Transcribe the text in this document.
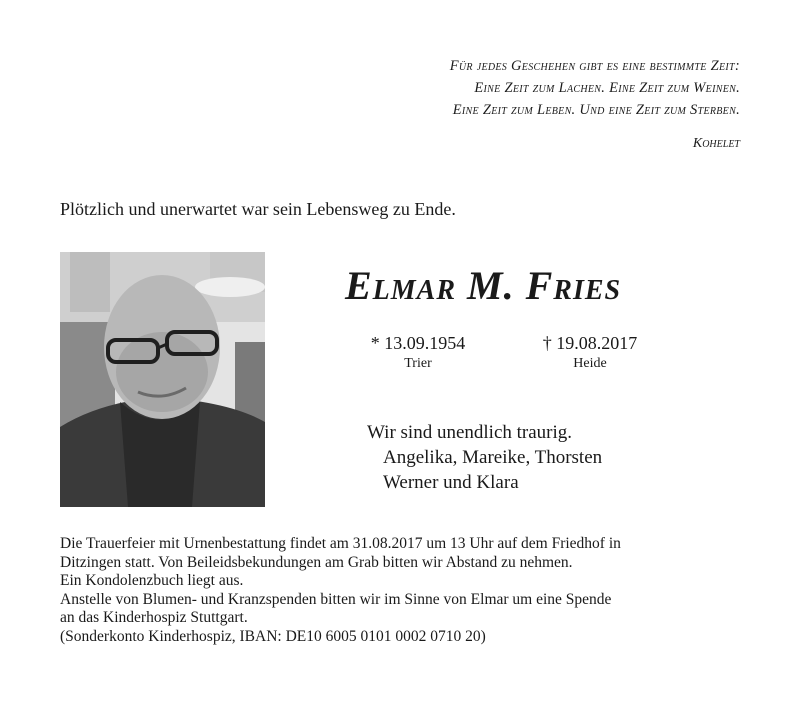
Für jedes Geschehen gibt es eine bestimmte Zeit:
Eine Zeit zum Lachen. Eine Zeit zum Weinen.
Eine Zeit zum Leben. Und eine Zeit zum Sterben.
Kohelet
Plötzlich und unerwartet war sein Lebensweg zu Ende.
Elmar M. Fries
* 13.09.1954
Trier
† 19.08.2017
Heide
Wir sind unendlich traurig.
Angelika, Mareike, Thorsten
Werner und Klara
Die Trauerfeier mit Urnenbestattung findet am 31.08.2017 um 13 Uhr auf dem Friedhof in
Ditzingen statt. Von Beileidsbekundungen am Grab bitten wir Abstand zu nehmen.
Ein Kondolenzbuch liegt aus.
Anstelle von Blumen- und Kranzspenden bitten wir im Sinne von Elmar um eine Spende
an das Kinderhospiz Stuttgart.
(Sonderkonto Kinderhospiz, IBAN: DE10 6005 0101 0002 0710 20)
